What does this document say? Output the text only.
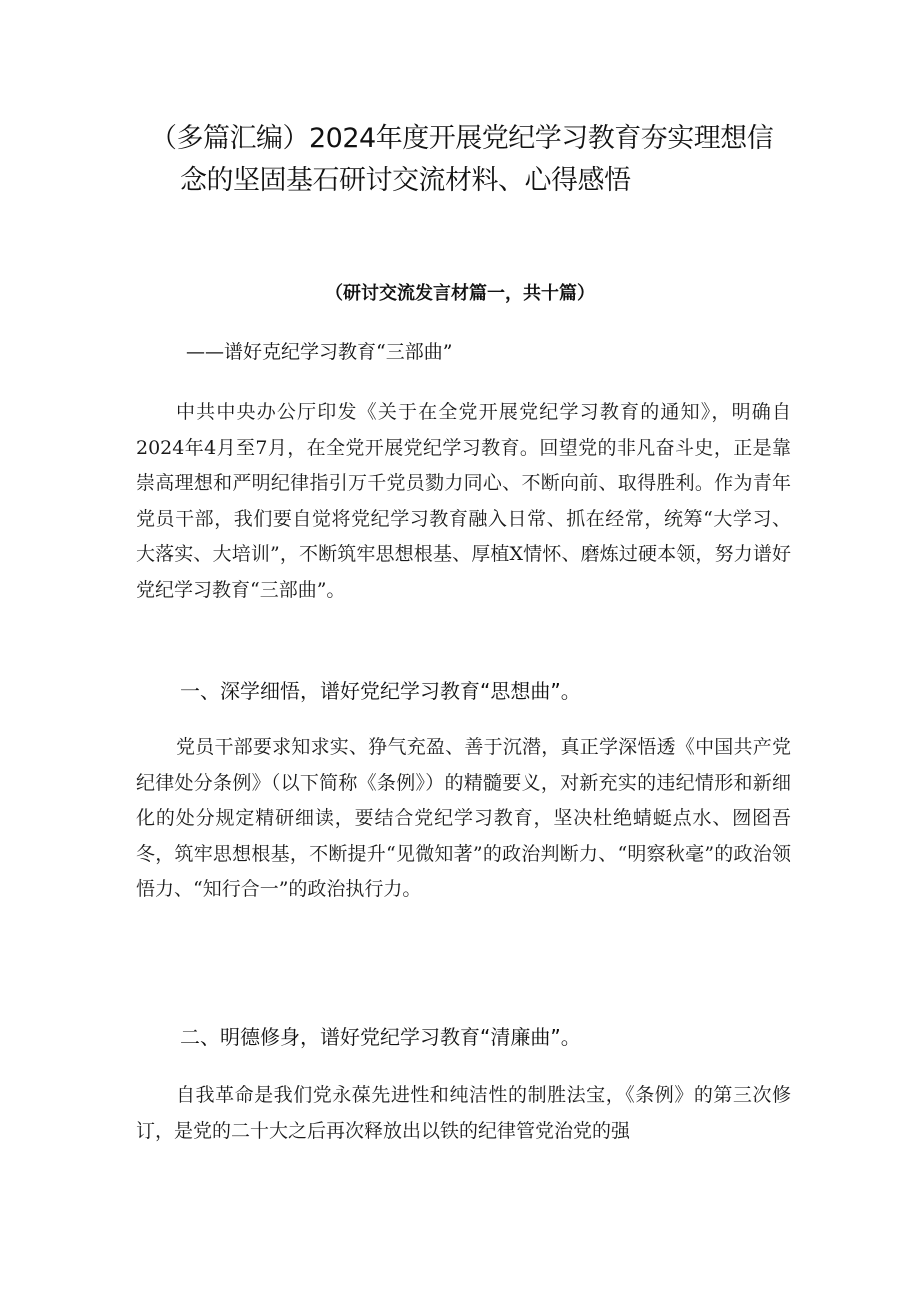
（多篇汇编）2024年度开展党纪学习教育夯实理想信
念的坚固基石研讨交流材料、心得感悟
（研讨交流发言材篇一，共十篇）
——谱好克纪学习教育“三部曲”

中共中央办公厅印发《关于在全党开展党纪学习教育的通知》，明确自2024年4月至7月，在全党开展党纪学习教育。回望党的非凡奋斗史，正是靠崇高理想和严明纪律指引万千党员勠力同心、不断向前、取得胜利。作为青年党员干部，我们要自觉将党纪学习教育融入日常、抓在经常，统筹“大学习、大落实、大培训”，不断筑牢思想根基、厚植X情怀、磨炼过硬本领，努力谱好党纪学习教育“三部曲”。

一、深学细悟，谱好党纪学习教育“思想曲”。

党员干部要求知求实、狰气充盈、善于沉潜，真正学深悟透《中国共产党纪律处分条例》（以下简称《条例》）的精髓要义，对新充实的违纪情形和新细化的处分规定精研细读，要结合党纪学习教育，坚决杜绝蜻蜓点水、囫囵吾冬，筑牢思想根基，不断提升“见微知著”的政治判断力、“明察秋毫”的政治领悟力、“知行合一”的政治执行力。

二、明德修身，谱好党纪学习教育“清廉曲”。

自我革命是我们党永葆先进性和纯洁性的制胜法宝，《条例》的第三次修订，是党的二十大之后再次释放出以铁的纪律管党治党的强
